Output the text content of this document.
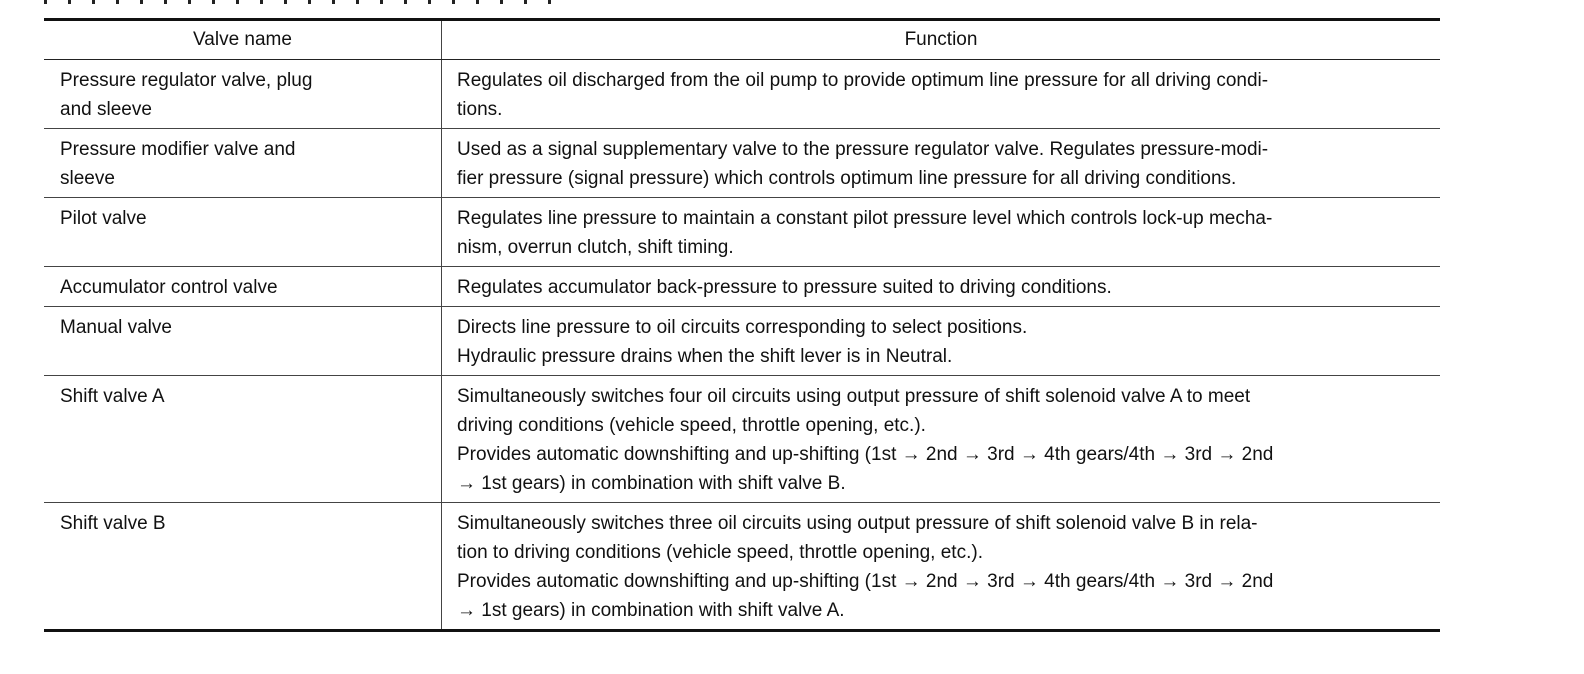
Valve name	Function

Pressure regulator valve, plug
and sleeve	Regulates oil discharged from the oil pump to provide optimum line pressure for all driving condi-
tions.

Pressure modifier valve and
sleeve	Used as a signal supplementary valve to the pressure regulator valve. Regulates pressure-modi-
fier pressure (signal pressure) which controls optimum line pressure for all driving conditions.

Pilot valve	Regulates line pressure to maintain a constant pilot pressure level which controls lock-up mecha-
nism, overrun clutch, shift timing.

Accumulator control valve	Regulates accumulator back-pressure to pressure suited to driving conditions.

Manual valve	Directs line pressure to oil circuits corresponding to select positions.
Hydraulic pressure drains when the shift lever is in Neutral.

Shift valve A	Simultaneously switches four oil circuits using output pressure of shift solenoid valve A to meet
driving conditions (vehicle speed, throttle opening, etc.).
Provides automatic downshifting and up-shifting (1st → 2nd → 3rd → 4th gears/4th → 3rd → 2nd
→ 1st gears) in combination with shift valve B.

Shift valve B	Simultaneously switches three oil circuits using output pressure of shift solenoid valve B in rela-
tion to driving conditions (vehicle speed, throttle opening, etc.).
Provides automatic downshifting and up-shifting (1st → 2nd → 3rd → 4th gears/4th → 3rd → 2nd
→ 1st gears) in combination with shift valve A.
